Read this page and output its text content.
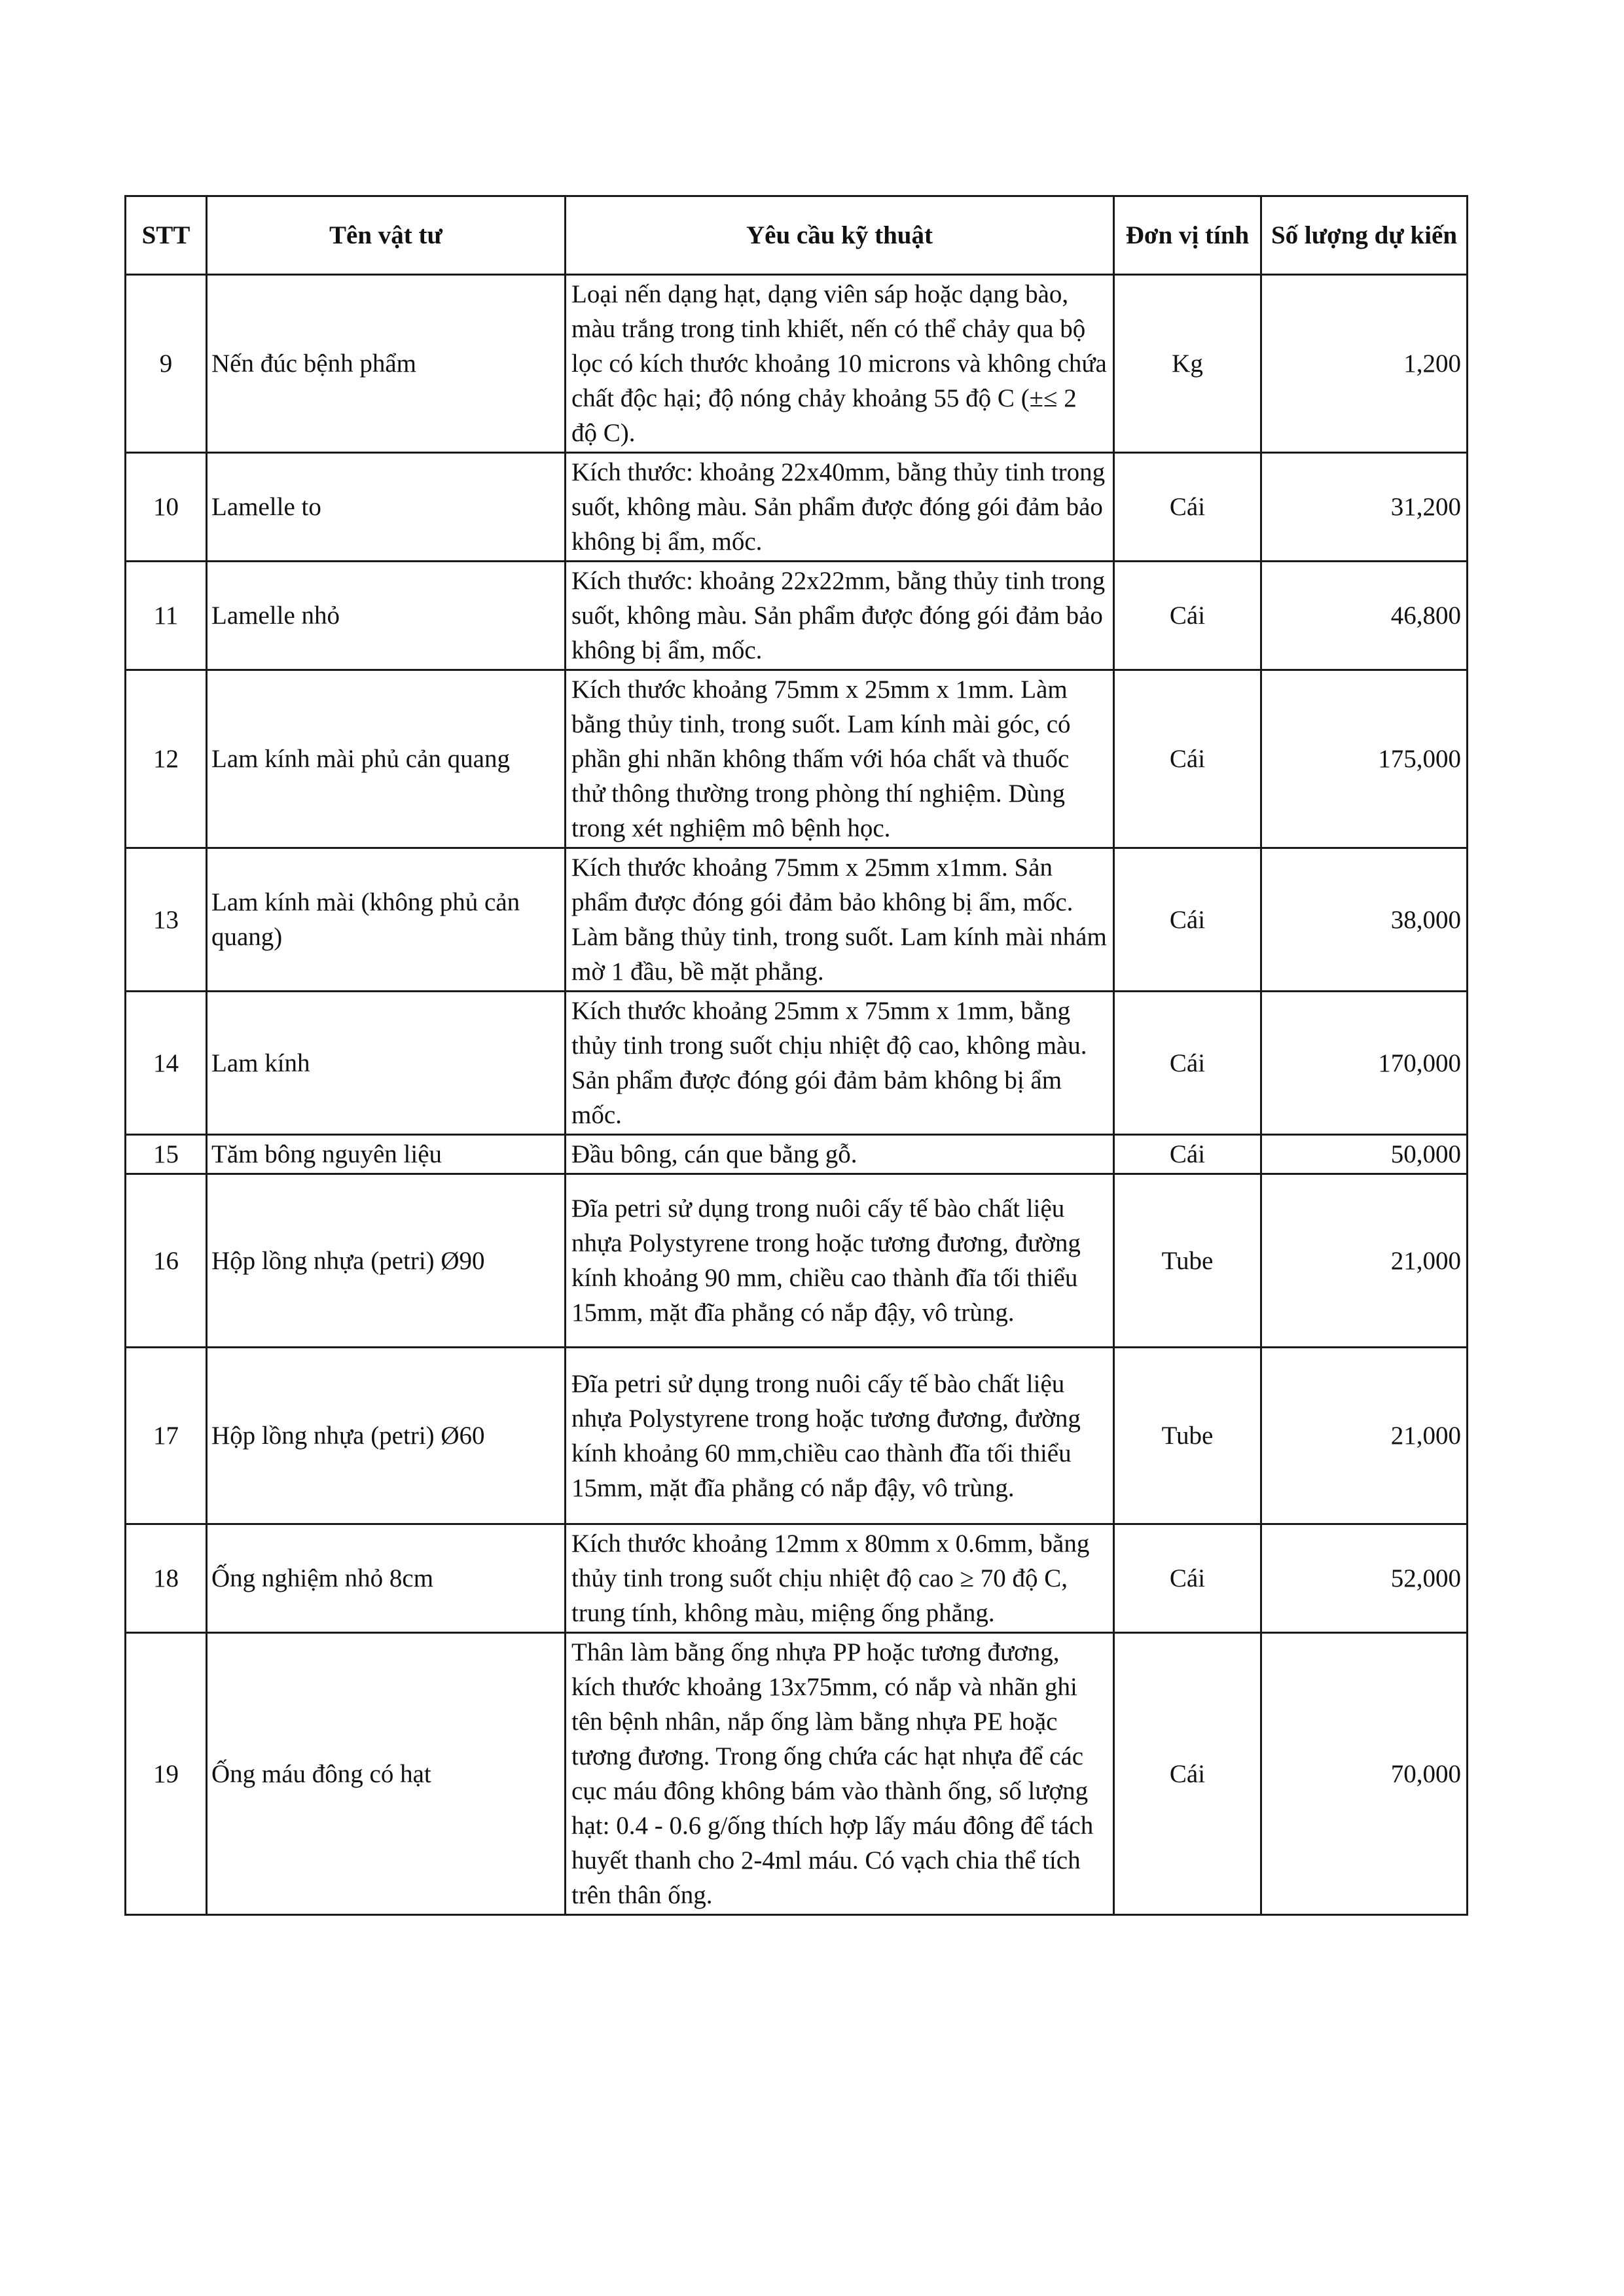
STT	Tên vật tư	Yêu cầu kỹ thuật	Đơn vị tính	Số lượng dự kiến
9	Nến đúc bệnh phẩm	Loại nến dạng hạt, dạng viên sáp hoặc dạng bào, màu trắng trong tinh khiết, nến có thể chảy qua bộ lọc có kích thước khoảng 10 microns và không chứa chất độc hại; độ nóng chảy khoảng 55 độ C (±≤ 2 độ C).	Kg	1,200
10	Lamelle to	Kích thước: khoảng 22x40mm, bằng thủy tinh trong suốt, không màu. Sản phẩm được đóng gói đảm bảo không bị ẩm, mốc.	Cái	31,200
11	Lamelle nhỏ	Kích thước: khoảng 22x22mm, bằng thủy tinh trong suốt, không màu. Sản phẩm được đóng gói đảm bảo không bị ẩm, mốc.	Cái	46,800
12	Lam kính mài phủ cản quang	Kích thước khoảng 75mm x 25mm x 1mm. Làm bằng thủy tinh, trong suốt. Lam kính mài góc, có phần ghi nhãn không thấm với hóa chất và thuốc thử thông thường trong phòng thí nghiệm. Dùng trong xét nghiệm mô bệnh học.	Cái	175,000
13	Lam kính mài (không phủ cản quang)	Kích thước khoảng 75mm x 25mm x1mm. Sản phẩm được đóng gói đảm bảo không bị ẩm, mốc. Làm bằng thủy tinh, trong suốt. Lam kính mài nhám mờ 1 đầu, bề mặt phẳng.	Cái	38,000
14	Lam kính	Kích thước khoảng 25mm x 75mm x 1mm, bằng thủy tinh trong suốt chịu nhiệt độ cao, không màu. Sản phẩm được đóng gói đảm bảm không bị ẩm mốc.	Cái	170,000
15	Tăm bông nguyên liệu	Đầu bông, cán que bằng gỗ.	Cái	50,000
16	Hộp lồng nhựa (petri) Ø90	Đĩa petri sử dụng trong nuôi cấy tế bào chất liệu nhựa Polystyrene trong hoặc tương đương, đường kính khoảng 90 mm, chiều cao thành đĩa tối thiểu 15mm, mặt đĩa phẳng có nắp đậy, vô trùng.	Tube	21,000
17	Hộp lồng nhựa (petri) Ø60	Đĩa petri sử dụng trong nuôi cấy tế bào chất liệu nhựa Polystyrene trong hoặc tương đương, đường kính khoảng 60 mm,chiều cao thành đĩa tối thiểu 15mm, mặt đĩa phẳng có nắp đậy, vô trùng.	Tube	21,000
18	Ống nghiệm nhỏ 8cm	Kích thước khoảng 12mm x 80mm x 0.6mm, bằng thủy tinh trong suốt chịu nhiệt độ cao ≥ 70 độ C, trung tính, không màu, miệng ống phẳng.	Cái	52,000
19	Ống máu đông có hạt	Thân làm bằng ống nhựa PP hoặc tương đương, kích thước khoảng 13x75mm, có nắp và nhãn ghi tên bệnh nhân, nắp ống làm bằng nhựa PE hoặc tương đương. Trong ống chứa các hạt nhựa để các cục máu đông không bám vào thành ống, số lượng hạt: 0.4 - 0.6 g/ống thích hợp lấy máu đông để tách huyết thanh cho 2-4ml máu. Có vạch chia thể tích trên thân ống.	Cái	70,000
